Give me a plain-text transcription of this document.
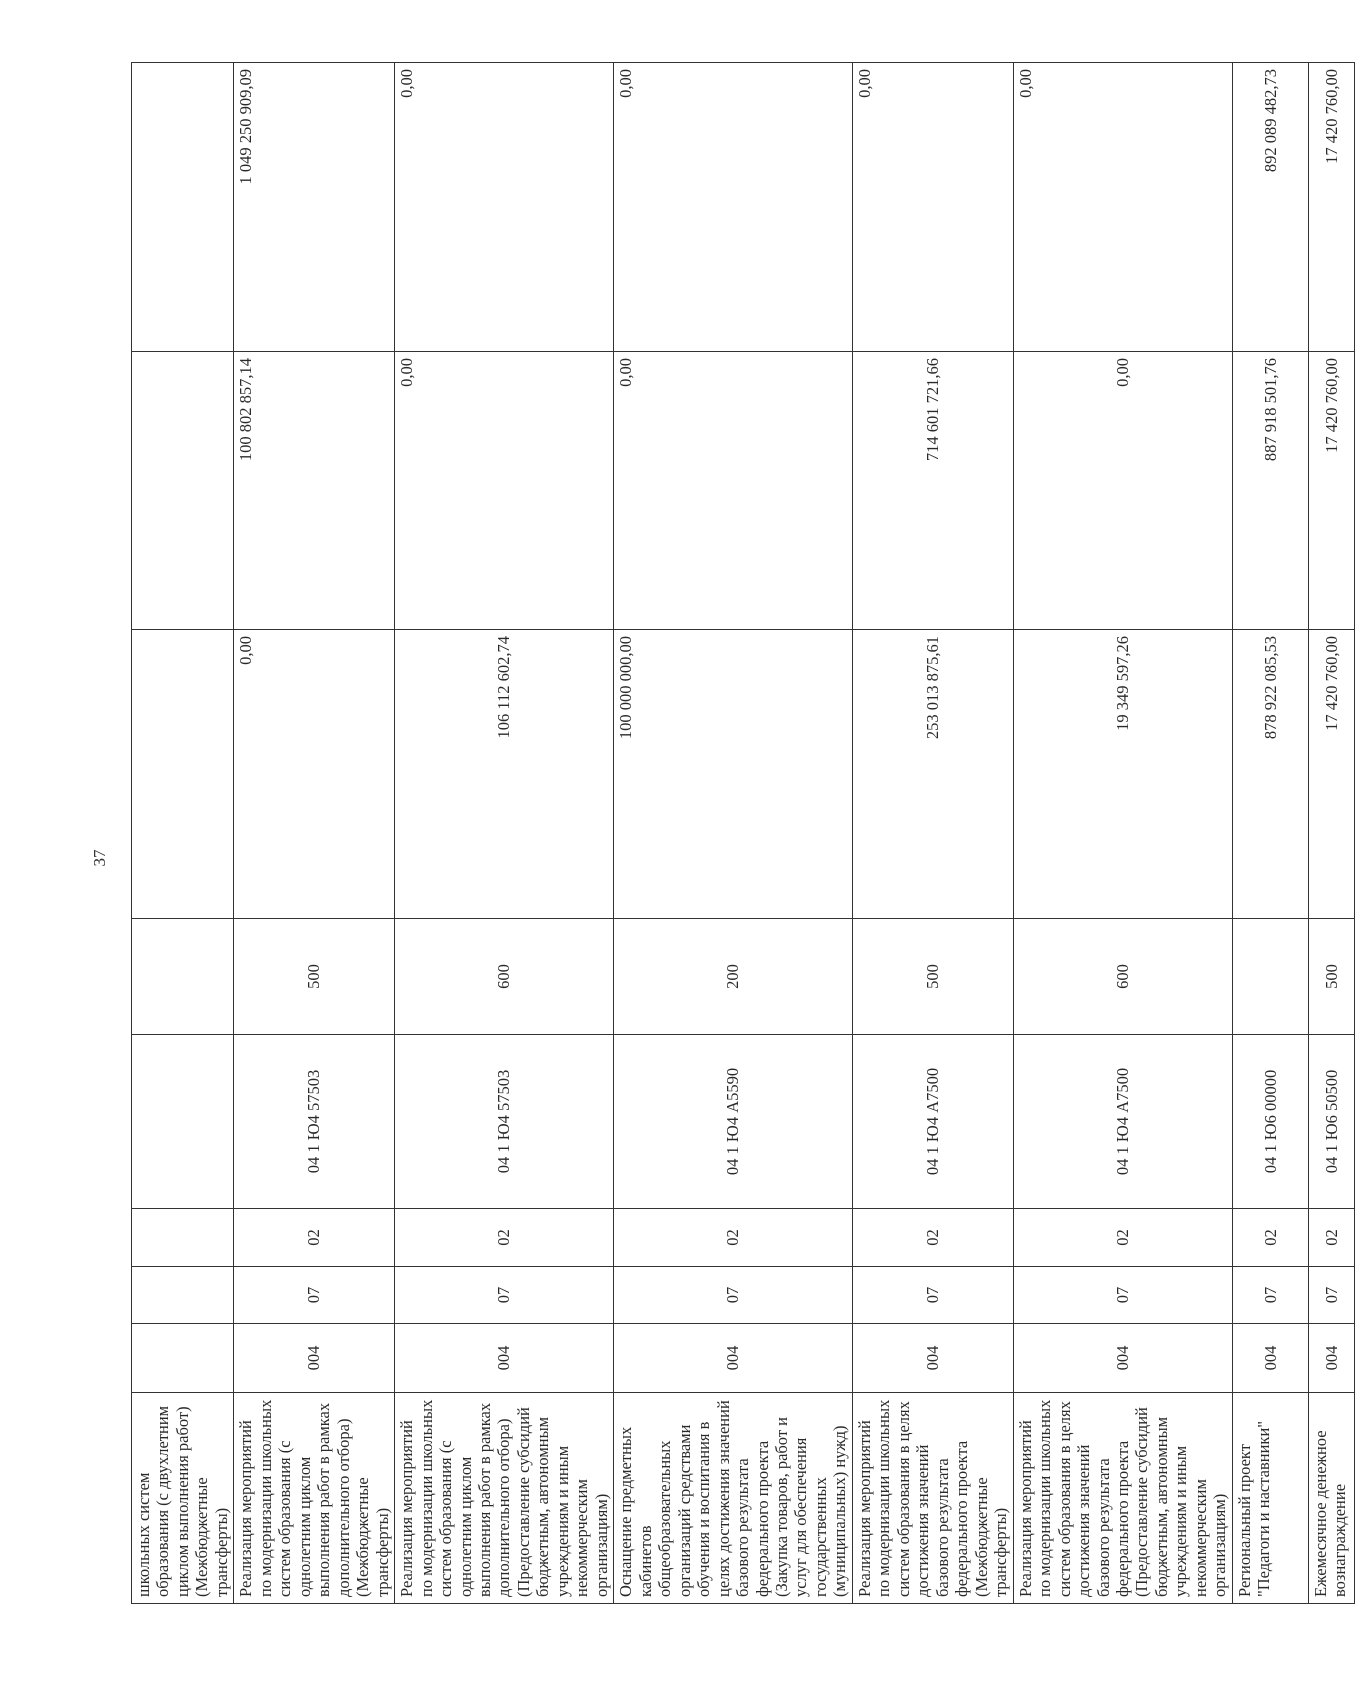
37
школьных систем образования (с двухлетним циклом выполнения работ) (Межбюджетные трансферты)								
Реализация мероприятий по модернизации школьных систем образования (с однолетним циклом выполнения работ в рамках дополнительного отбора) (Межбюджетные трансферты)	004	07	02	04 1 Ю4 57503	500	0,00	100 802 857,14	1 049 250 909,09
Реализация мероприятий по модернизации школьных систем образования (с однолетним циклом выполнения работ в рамках дополнительного отбора) (Предоставление субсидий бюджетным, автономным учреждениям и иным некоммерческим организациям)	004	07	02	04 1 Ю4 57503	600	106 112 602,74	0,00	0,00
Оснащение предметных кабинетов общеобразовательных организаций средствами обучения и воспитания в целях достижения значений базового результата федерального проекта (Закупка товаров, работ и услуг для обеспечения государственных (муниципальных) нужд)	004	07	02	04 1 Ю4 А5590	200	100 000 000,00	0,00	0,00
Реализация мероприятий по модернизации школьных систем образования в целях достижения значений базового результата федерального проекта (Межбюджетные трансферты)	004	07	02	04 1 Ю4 А7500	500	253 013 875,61	714 601 721,66	0,00
Реализация мероприятий по модернизации школьных систем образования в целях достижения значений базового результата федерального проекта (Предоставление субсидий бюджетным, автономным учреждениям и иным некоммерческим организациям)	004	07	02	04 1 Ю4 А7500	600	19 349 597,26	0,00	0,00
Региональный проект "Педагоги и наставники"	004	07	02	04 1 Ю6 00000		878 922 085,53	887 918 501,76	892 089 482,73
Ежемесячное денежное вознаграждение	004	07	02	04 1 Ю6 50500	500	17 420 760,00	17 420 760,00	17 420 760,00
